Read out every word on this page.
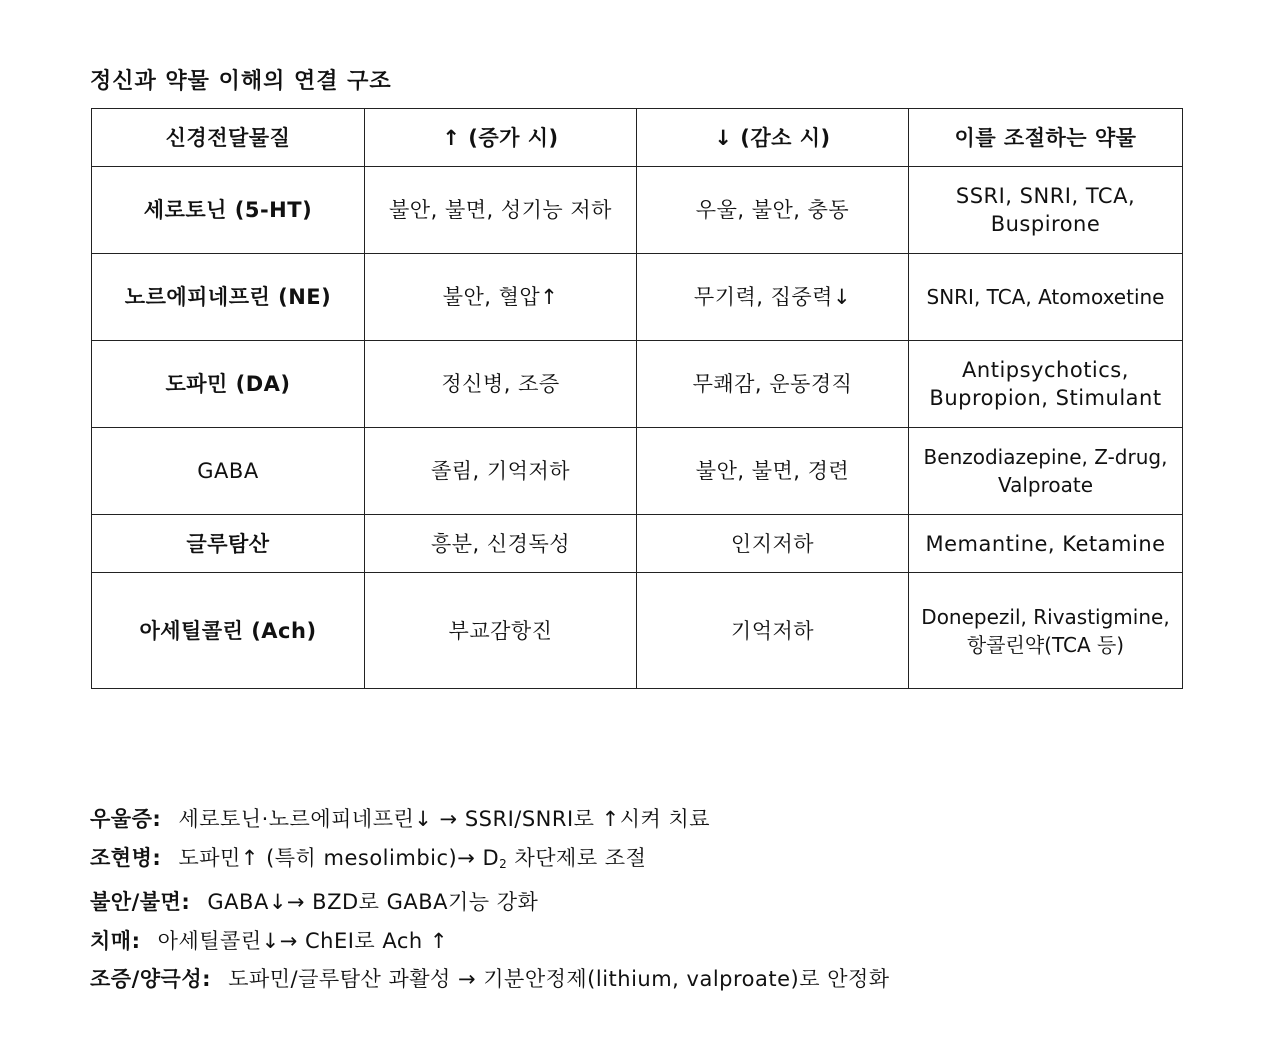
정신과 약물 이해의 연결 구조
신경전달물질	↑ (증가 시)	↓ (감소 시)	이를 조절하는 약물
세로토닌 (5-HT)	불안, 불면, 성기능 저하	우울, 불안, 충동	SSRI, SNRI, TCA,
Buspirone
노르에피네프린 (NE)	불안, 혈압↑	무기력, 집중력↓	SNRI, TCA, Atomoxetine
도파민 (DA)	정신병, 조증	무쾌감, 운동경직	Antipsychotics,
Bupropion, Stimulant
GABA	졸림, 기억저하	불안, 불면, 경련	Benzodiazepine, Z-drug,
Valproate
글루탐산	흥분, 신경독성	인지저하	Memantine, Ketamine
아세틸콜린 (Ach)	부교감항진	기억저하	Donepezil, Rivastigmine,
항콜린약(TCA 등)
우울증: 세로토닌·노르에피네프린↓ → SSRI/SNRI로 ↑시켜 치료
조현병: 도파민↑ (특히 mesolimbic)→ $D_2$ 차단제로 조절
불안/불면: GABA↓→ BZD로 GABA기능 강화
치매: 아세틸콜린↓→ ChEI로 Ach ↑
조증/양극성: 도파민/글루탐산 과활성 → 기분안정제(lithium, valproate)로 안정화
